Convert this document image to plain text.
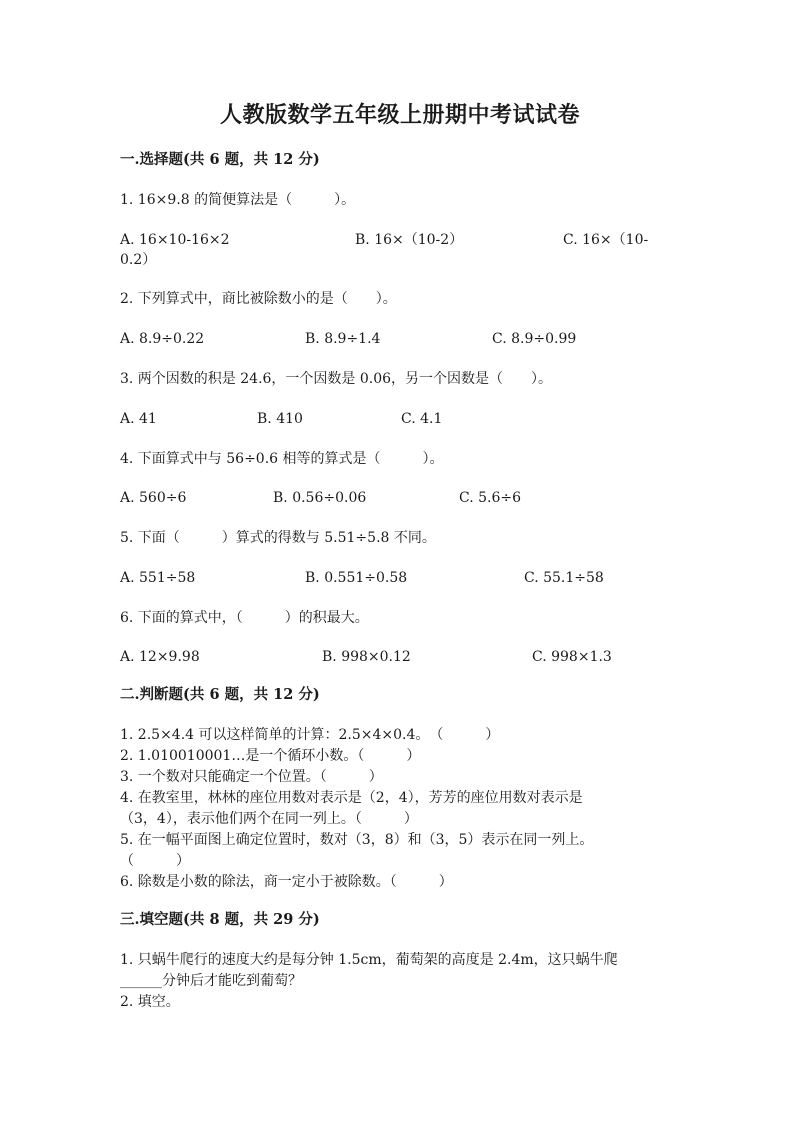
人教版数学五年级上册期中考试试卷
一.选择题(共 6 题，共 12 分)
1. 16×9.8 的简便算法是（　　　）。
A. 16×10-16×2	B. 16×（10-2）	C. 16×（10-
0.2）
2. 下列算式中，商比被除数小的是（　　）。
A. 8.9÷0.22	B. 8.9÷1.4	C. 8.9÷0.99
3. 两个因数的积是 24.6，一个因数是 0.06，另一个因数是（　　）。
A. 41	B. 410	C. 4.1
4. 下面算式中与 56÷0.6 相等的算式是（　　　）。
A. 560÷6	B. 0.56÷0.06	C. 5.6÷6
5. 下面（　　　）算式的得数与 5.51÷5.8 不同。
A. 551÷58	B. 0.551÷0.58	C. 55.1÷58
6. 下面的算式中，（　　　）的积最大。
A. 12×9.98	B. 998×0.12	C. 998×1.3
二.判断题(共 6 题，共 12 分)
1. 2.5×4.4 可以这样简单的计算：2.5×4×0.4。　（　　　）
2. 1.010010001…是一个循环小数。（　　　）
3. 一个数对只能确定一个位置。（　　　）
4. 在教室里，林林的座位用数对表示是（2，4），芳芳的座位用数对表示是
（3，4），表示他们两个在同一列上。（　　　）
5. 在一幅平面图上确定位置时，数对（3，8）和（3，5）表示在同一列上。
（　　　）
6. 除数是小数的除法，商一定小于被除数。（　　　）
三.填空题(共 8 题，共 29 分)
1. 只蜗牛爬行的速度大约是每分钟 1.5cm，葡萄架的高度是 2.4m，这只蜗牛爬
______分钟后才能吃到葡萄？
2. 填空。
